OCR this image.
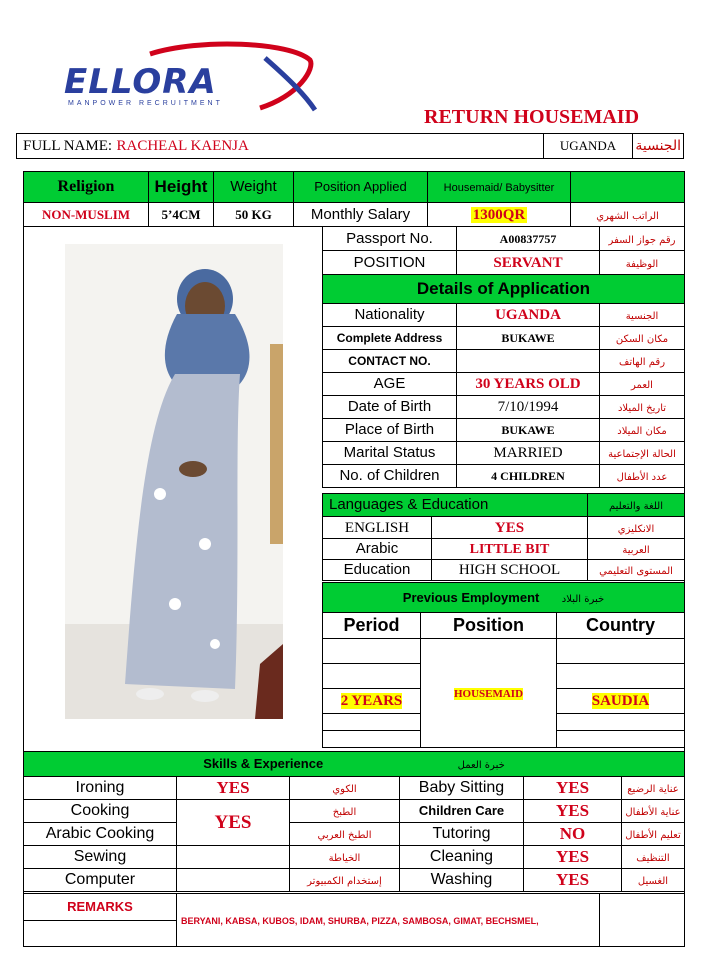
ELLORA
MANPOWER RECRUITMENT
RETURN HOUSEMAID
FULL NAME: RACHEAL KAENJA	UGANDA	الجنسية
Religion	Height	Weight	Position Applied	Housemaid/ Babysitter	
NON-MUSLIM	5’4CM	50 KG	Monthly Salary	1300QR	الراتب الشهري
Passport No.	A00837757	رقم جواز السفر
POSITION	SERVANT	الوظيفة
Details of Application		
Nationality	UGANDA	الجنسية
Complete Address	BUKAWE	مكان السكن
CONTACT NO.		رقم الهاتف
AGE	30 YEARS OLD	العمر
Date of Birth	7/10/1994	تاريخ الميلاد
Place of Birth	BUKAWE	مكان الميلاد
Marital Status	MARRIED	الحالة الإجتماعية
No. of Children	4 CHILDREN	عدد الأطفال
Languages & Education		اللغة والتعليم
ENGLISH	YES	الانكليزي
Arabic	LITTLE BIT	العربية
Education	HIGH SCHOOL	المستوى التعليمي
Previous Employment خبرة البلاد		
Period	Position	Country
	HOUSEMAID	

2 YEARS		SAUDIA

Skills & Experience خبرة العمل					
Ironing	YES	الكوي	Baby Sitting	YES	عناية الرضيع
Cooking	YES	الطبخ	Children Care	YES	عناية الأطفال
Arabic Cooking		الطبخ العربي	Tutoring	NO	تعليم الأطفال
Sewing		الخياطة	Cleaning	YES	التنظيف
Computer		إستخدام الكمبيوتر	Washing	YES	الغسيل
REMARKS	BERYANI, KABSA, KUBOS, IDAM, SHURBA, PIZZA, SAMBOSA, GIMAT, BECHSMEL,	
